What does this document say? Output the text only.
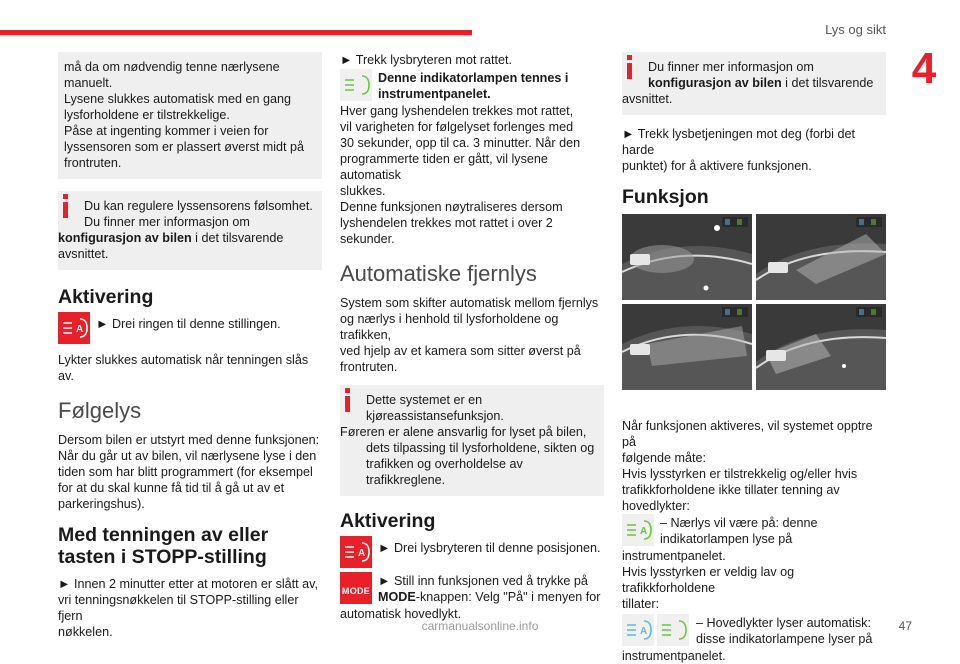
Lys og sikt
4

må da om nødvendig tenne nærlysene

manuelt.

Lysene slukkes automatisk med en gang

lysforholdene er tilstrekkelige.

Påse at ingenting kommer i veien for

lyssensoren som er plassert øverst midt på

frontruten.

Du kan regulere lyssensorens følsomhet.

Du finner mer informasjon om

konfigurasjon av bilen i det tilsvarende

avsnittet.

Aktivering
A ► Drei ringen til denne stillingen.

Lykter slukkes automatisk når tenningen slås av.

Følgelys

Dersom bilen er utstyrt med denne funksjonen:

Når du går ut av bilen, vil nærlysene lyse i den

tiden som har blitt programmert (for eksempel

for at du skal kunne få tid til å gå ut av et

parkeringshus).

Med tenningen av eller
tasten i STOPP-stilling

► Innen 2 minutter etter at motoren er slått av,

vri tenningsnøkkelen til STOPP-stilling eller fjern

nøkkelen.

► Trekk lysbryteren mot rattet.

Denne indikatorlampen tennes i

instrumentpanelet.

Hver gang lyshendelen trekkes mot rattet,

vil varigheten for følgelyset forlenges med

30 sekunder, opp til ca. 3 minutter. Når den

programmerte tiden er gått, vil lysene automatisk

slukkes.

Denne funksjonen nøytraliseres dersom

lyshendelen trekkes mot rattet i over 2 sekunder.

Automatiske fjernlys

System som skifter automatisk mellom fjernlys

og nærlys i henhold til lysforholdene og trafikken,

ved hjelp av et kamera som sitter øverst på

frontruten.

Dette systemet er en

kjøreassistansefunksjon.

Føreren er alene ansvarlig for lyset på bilen,

dets tilpassing til lysforholdene, sikten og

trafikken og overholdelse av trafikkreglene.

Aktivering
A ► Drei lysbryteren til denne posisjonen.

MODE

► Still inn funksjonen ved å trykke på

MODE-knappen: Velg "På" i menyen for

automatisk hovedlykt.

Du finner mer informasjon om

konfigurasjon av bilen i det tilsvarende

avsnittet.

► Trekk lysbetjeningen mot deg (forbi det harde

punktet) for å aktivere funksjonen.

Funksjon

Når funksjonen aktiveres, vil systemet opptre på

følgende måte:

Hvis lysstyrken er tilstrekkelig og/eller hvis

trafikkforholdene ikke tillater tenning av

hovedlykter:

A

– Nærlys vil være på: denne

indikatorlampen lyse på

instrumentpanelet.

Hvis lysstyrken er veldig lav og trafikkforholdene

tillater:

A

– Hovedlykter lyser automatisk:

disse indikatorlampene lyser på

instrumentpanelet.

carmanualsonline.info	47
